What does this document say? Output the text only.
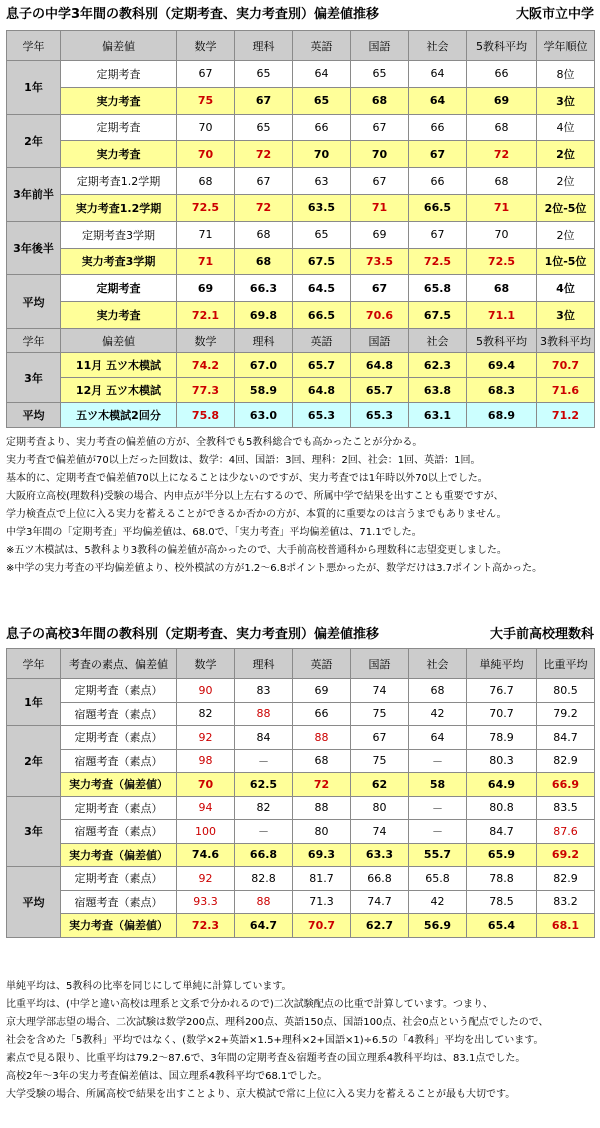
息子の中学3年間の教科別（定期考査、実力考査別）偏差値推移	大阪市立中学
学年	偏差値	数学	理科	英語	国語	社会	5教科平均	学年順位
1年	定期考査	67	65	64	65	64	66	8位
	実力考査	75	67	65	68	64	69	3位
2年	定期考査	70	65	66	67	66	68	4位
	実力考査	70	72	70	70	67	72	2位
3年前半	定期考査1.2学期	68	67	63	67	66	68	2位
	実力考査1.2学期	72.5	72	63.5	71	66.5	71	2位-5位
3年後半	定期考査3学期	71	68	65	69	67	70	2位
	実力考査3学期	71	68	67.5	73.5	72.5	72.5	1位-5位
平均	定期考査	69	66.3	64.5	67	65.8	68	4位
	実力考査	72.1	69.8	66.5	70.6	67.5	71.1	3位
学年	偏差値	数学	理科	英語	国語	社会	5教科平均	3教科平均
3年	11月 五ツ木模試	74.2	67.0	65.7	64.8	62.3	69.4	70.7
	12月 五ツ木模試	77.3	58.9	64.8	65.7	63.8	68.3	71.6
平均	五ツ木模試2回分	75.8	63.0	65.3	65.3	63.1	68.9	71.2
定期考査より、実力考査の偏差値の方が、全教科でも5教科総合でも高かったことが分かる。
実力考査で偏差値が70以上だった回数は、数学：4回、国語：3回、理科：2回、社会：1回、英語：1回。
基本的に、定期考査で偏差値70以上になることは少ないのですが、実力考査では1年時以外70以上でした。
大阪府立高校(理数科)受験の場合、内申点が半分以上左右するので、所属中学で結果を出すことも重要ですが、
学力検査点で上位に入る実力を蓄えることができるか否かの方が、本質的に重要なのは言うまでもありません。
中学3年間の「定期考査」平均偏差値は、68.0で、「実力考査」平均偏差値は、71.1でした。
※五ツ木模試は、5教科より3教科の偏差値が高かったので、大手前高校普通科から理数科に志望変更しました。
※中学の実力考査の平均偏差値より、校外模試の方が1.2～6.8ポイント悪かったが、数学だけは3.7ポイント高かった。
息子の高校3年間の教科別（定期考査、実力考査別）偏差値推移	大手前高校理数科
学年	考査の素点、偏差値	数学	理科	英語	国語	社会	単純平均	比重平均
1年	定期考査（素点）	90	83	69	74	68	76.7	80.5
	宿題考査（素点）	82	88	66	75	42	70.7	79.2
2年	定期考査（素点）	92	84	88	67	64	78.9	84.7
	宿題考査（素点）	98	－	68	75	－	80.3	82.9
	実力考査（偏差値）	70	62.5	72	62	58	64.9	66.9
3年	定期考査（素点）	94	82	88	80	－	80.8	83.5
	宿題考査（素点）	100	－	80	74	－	84.7	87.6
	実力考査（偏差値）	74.6	66.8	69.3	63.3	55.7	65.9	69.2
平均	定期考査（素点）	92	82.8	81.7	66.8	65.8	78.8	82.9
	宿題考査（素点）	93.3	88	71.3	74.7	42	78.5	83.2
	実力考査（偏差値）	72.3	64.7	70.7	62.7	56.9	65.4	68.1
単純平均は、5教科の比率を同じにして単純に計算しています。
比重平均は、(中学と違い高校は理系と文系で分かれるので)二次試験配点の比重で計算しています。つまり、
京大理学部志望の場合、二次試験は数学200点、理科200点、英語150点、国語100点、社会0点という配点でしたので、
社会を含めた「5教科」平均ではなく、(数学×2+英語×1.5+理科×2+国語×1)÷6.5の「4教科」平均を出しています。
素点で見る限り、比重平均は79.2～87.6で、3年間の定期考査＆宿題考査の国立理系4教科平均は、83.1点でした。
高校2年～3年の実力考査偏差値は、国立理系4教科平均で68.1でした。
大学受験の場合、所属高校で結果を出すことより、京大模試で常に上位に入る実力を蓄えることが最も大切です。
